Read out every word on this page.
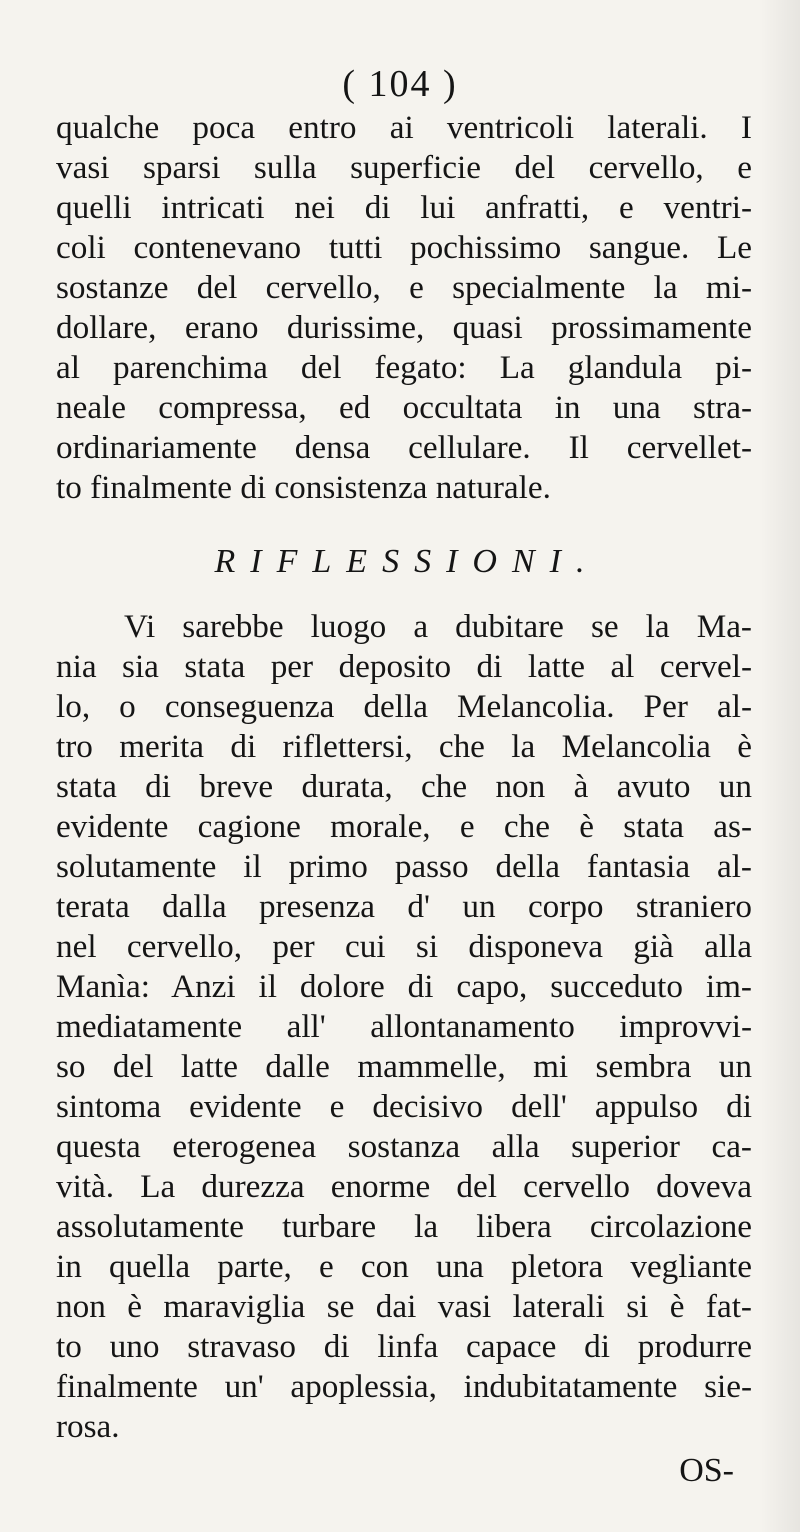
( 104 )
qualche poca entro ai ventricoli laterali. I
vasi sparsi sulla superficie del cervello, e
quelli intricati nei di lui anfratti, e ventri-
coli contenevano tutti pochissimo sangue. Le
sostanze del cervello, e specialmente la mi-
dollare, erano durissime, quasi prossimamente
al parenchima del fegato: La glandula pi-
neale compressa, ed occultata in una stra-
ordinariamente densa cellulare. Il cervellet-
to finalmente di consistenza naturale.
RIFLESSIONI.
Vi sarebbe luogo a dubitare se la Ma-
nia sia stata per deposito di latte al cervel-
lo, o conseguenza della Melancolia. Per al-
tro merita di riflettersi, che la Melancolia è
stata di breve durata, che non à avuto un
evidente cagione morale, e che è stata as-
solutamente il primo passo della fantasia al-
terata dalla presenza d' un corpo straniero
nel cervello, per cui si disponeva già alla
Manìa: Anzi il dolore di capo, succeduto im-
mediatamente all' allontanamento improvvi-
so del latte dalle mammelle, mi sembra un
sintoma evidente e decisivo dell' appulso di
questa eterogenea sostanza alla superior ca-
vità. La durezza enorme del cervello doveva
assolutamente turbare la libera circolazione
in quella parte, e con una pletora vegliante
non è maraviglia se dai vasi laterali si è fat-
to uno stravaso di linfa capace di produrre
finalmente un' apoplessia, indubitatamente sie-
rosa.
OS-
